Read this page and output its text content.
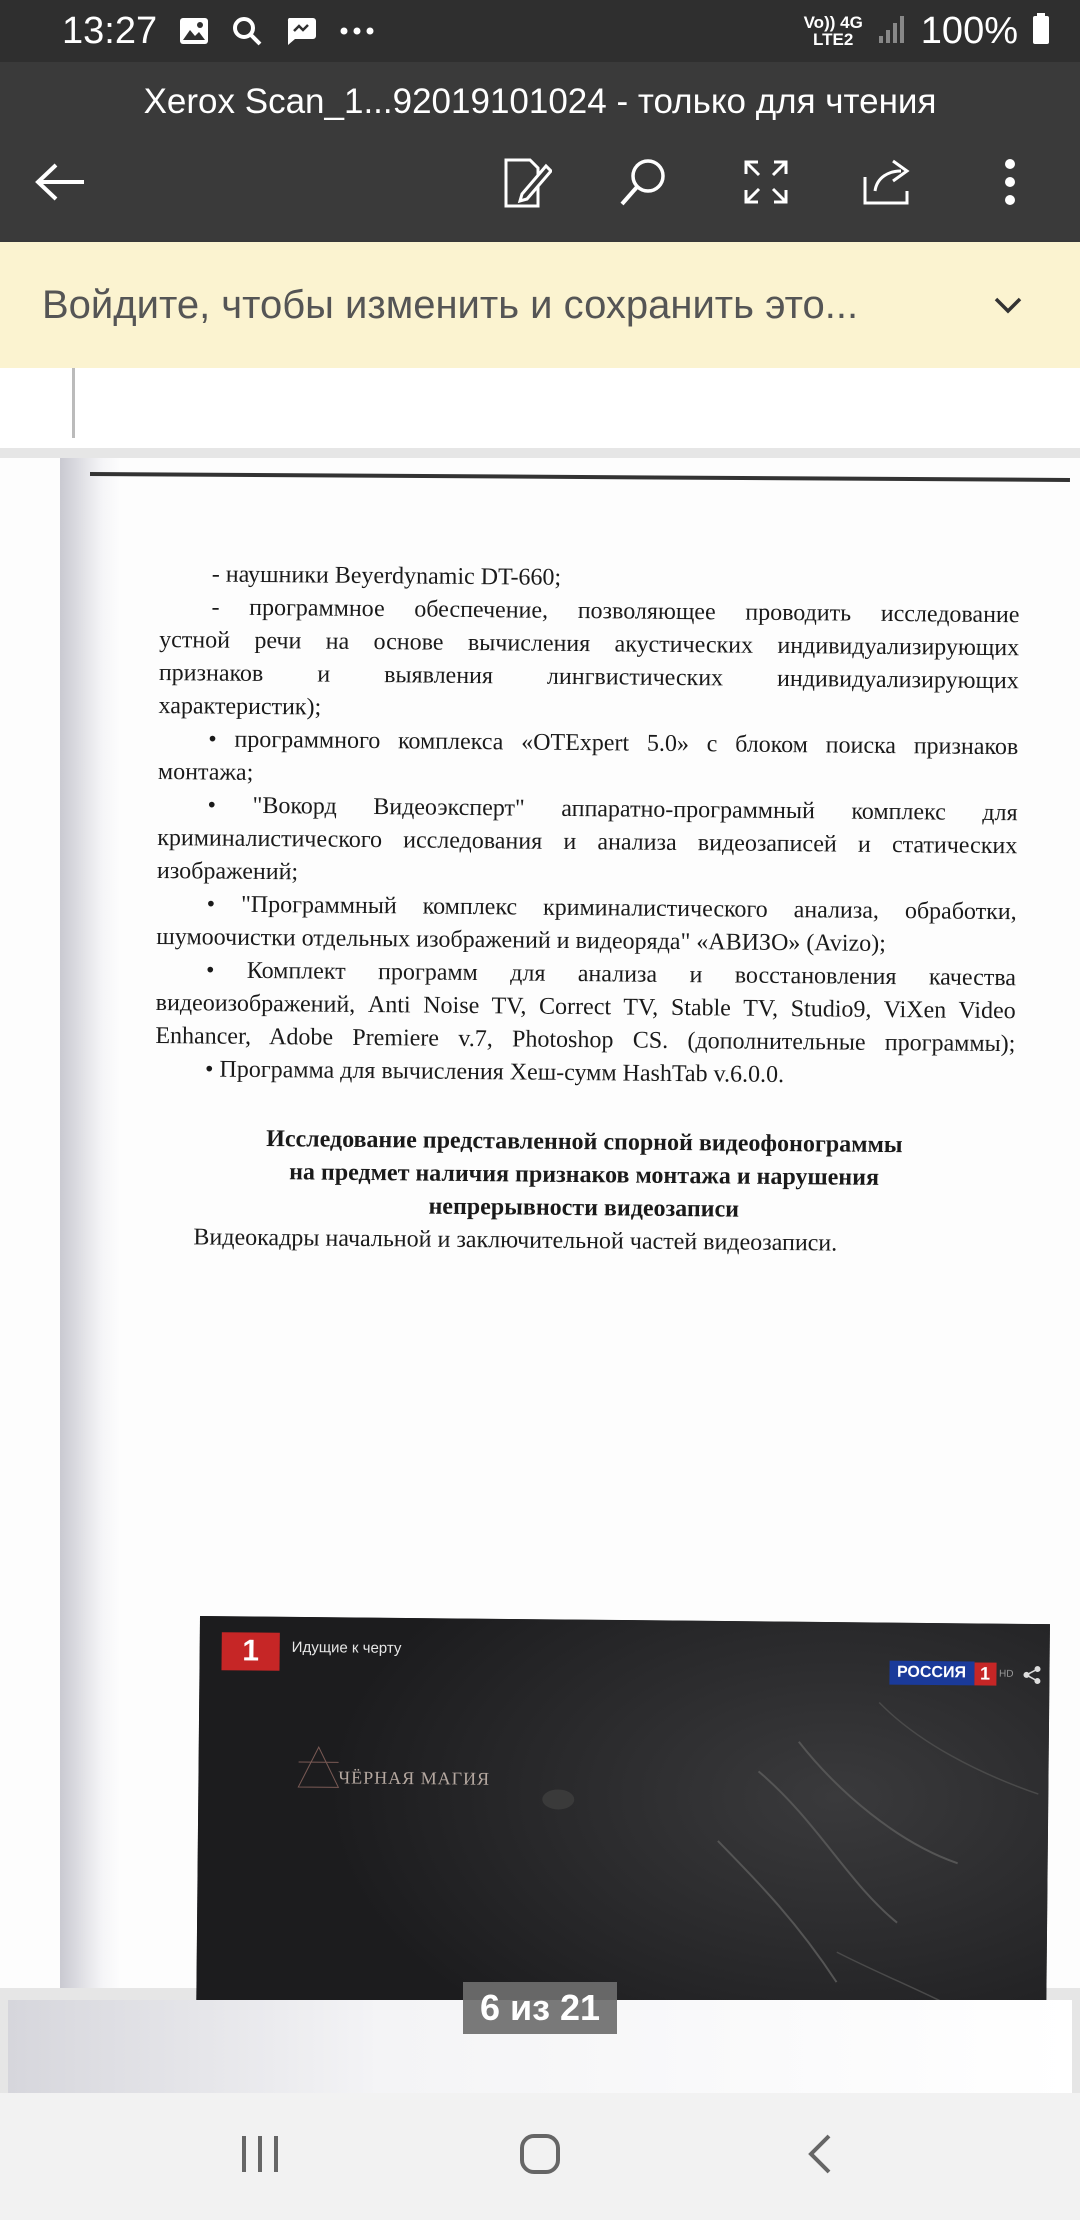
13:27	Vo)) 4G
LTE2 100%
Xerox Scan_1...92019101024 - только для чтения
Войдите, чтобы изменить и сохранить это...

- наушники Beyerdynamic DT-660;

- программное обеспечение, позволяющее проводить исследование

устной речи на основе вычисления акустических индивидуализирующих

признаков и выявления лингвистических индивидуализирующих

характеристик);

• программного комплекса «OTExpert 5.0» с блоком поиска признаков

монтажа;

• "Вокорд Видеоэксперт" аппаратно-программный комплекс для

криминалистического исследования и анализа видеозаписей и статических

изображений;

• "Программный комплекс криминалистического анализа, обработки,

шумоочистки отдельных изображений и видеоряда" «АВИЗО» (Avizo);

• Комплект программ для анализа и восстановления качества

видеоизображений, Anti Noise TV, Correct TV, Stable TV, Studio9, ViXen Video

Enhancer, Adobe Premiere v.7, Photoshop CS. (дополнительные программы);

• Программа для вычисления Хеш-сумм HashTab v.6.0.0.

Исследование представленной спорной видеофонограммы

на предмет наличия признаков монтажа и нарушения

непрерывности видеозаписи

Видеокадры начальной и заключительной частей видеозаписи.

1	Идущие к черту
РОССИЯ 1 HD
ЧЁРНАЯ МАГИЯ
6 из 21
